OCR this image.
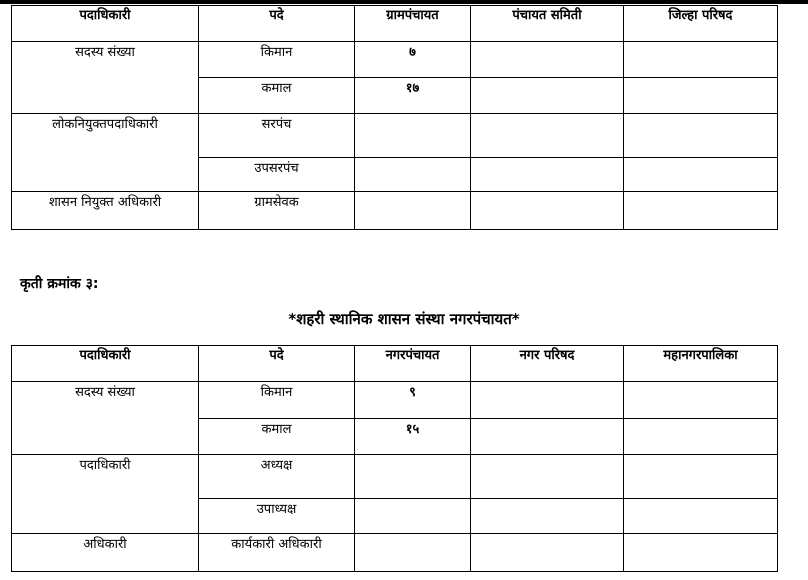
पदाधिकारी	पदे	ग्रामपंचायत	पंचायत समिती	जिल्हा परिषद
सदस्य संख्या	किमान	७		
	कमाल	१७		
लोकनियुक्तपदाधिकारी	सरपंच			
	उपसरपंच			
शासन नियुक्त अधिकारी	ग्रामसेवक			
कृती क्रमांक ३:
*शहरी स्थानिक शासन संस्था नगरपंचायत*
पदाधिकारी	पदे	नगरपंचायत	नगर परिषद	महानगरपालिका
सदस्य संख्या	किमान	९		
	कमाल	१५		
पदाधिकारी	अध्यक्ष			
	उपाध्यक्ष			
अधिकारी	कार्यकारी अधिकारी			
